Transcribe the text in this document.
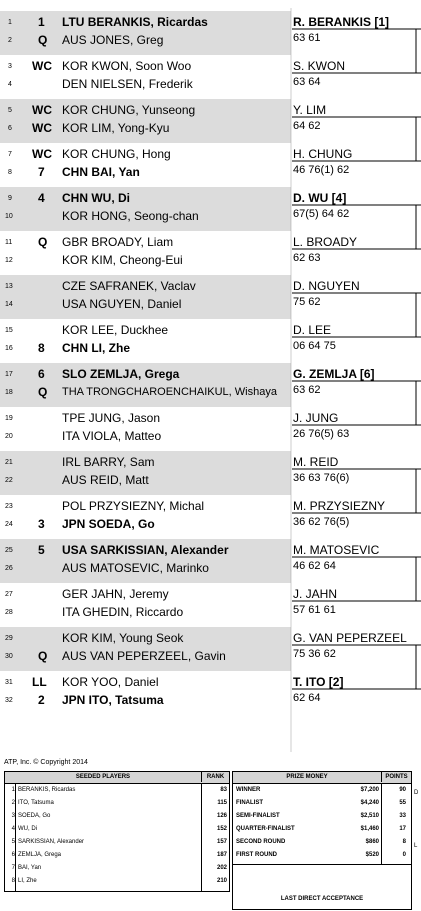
1 1 LTU BERANKIS, Ricardas
2 Q AUS JONES, Greg
3 WC KOR KWON, Soon Woo
4	DEN NIELSEN, Frederik
5 WC KOR CHUNG, Yunseong
6 WC KOR LIM, Yong-Kyu
7 WC KOR CHUNG, Hong
8 7 CHN BAI, Yan
9 4 CHN WU, Di
10	KOR HONG, Seong-chan
11 Q GBR BROADY, Liam
12	KOR KIM, Cheong-Eui
13	CZE SAFRANEK, Vaclav
14	USA NGUYEN, Daniel
15	KOR LEE, Duckhee
16 8 CHN LI, Zhe
17 6 SLO ZEMLJA, Grega
18 Q THA TRONGCHAROENCHAIKUL, Wishaya
19	TPE JUNG, Jason
20	ITA VIOLA, Matteo
21	IRL BARRY, Sam
22	AUS REID, Matt
23	POL PRZYSIEZNY, Michal
24 3 JPN SOEDA, Go
25 5 USA SARKISSIAN, Alexander
26	AUS MATOSEVIC, Marinko
27	GER JAHN, Jeremy
28	ITA GHEDIN, Riccardo
29	KOR KIM, Young Seok
30 Q AUS VAN PEPERZEEL, Gavin
31 LL KOR YOO, Daniel
32 2 JPN ITO, Tatsuma
R. BERANKIS [1]
63 61
S. KWON
63 64
Y. LIM
64 62
H. CHUNG
46 76(1) 62
D. WU [4]
67(5) 64 62
L. BROADY
62 63
D. NGUYEN
75 62
D. LEE
06 64 75
G. ZEMLJA [6]
63 62
J. JUNG
26 76(5) 63
M. REID
36 63 76(6)
M. PRZYSIEZNY
36 62 76(5)
M. MATOSEVIC
46 62 64
J. JAHN
57 61 61
G. VAN PEPERZEEL
75 36 62
T. ITO [2]
62 64
ATP, Inc. © Copyright 2014
SEEDED PLAYERS	RANK
1 BERANKIS, Ricardas	83
2 ITO, Tatsuma	115
3 SOEDA, Go	126
4 WU, Di	152
5 SARKISSIAN, Alexander	157
6 ZEMLJA, Grega	187
7 BAI, Yan	202
8 LI, Zhe	210
PRIZE MONEY	POINTS
WINNER	$7,200	90
FINALIST	$4,240	55
SEMI-FINALIST	$2,510	33
QUARTER-FINALIST	$1,460	17
SECOND ROUND	$860	8
FIRST ROUND	$520	0
D
L
LAST DIRECT ACCEPTANCE
